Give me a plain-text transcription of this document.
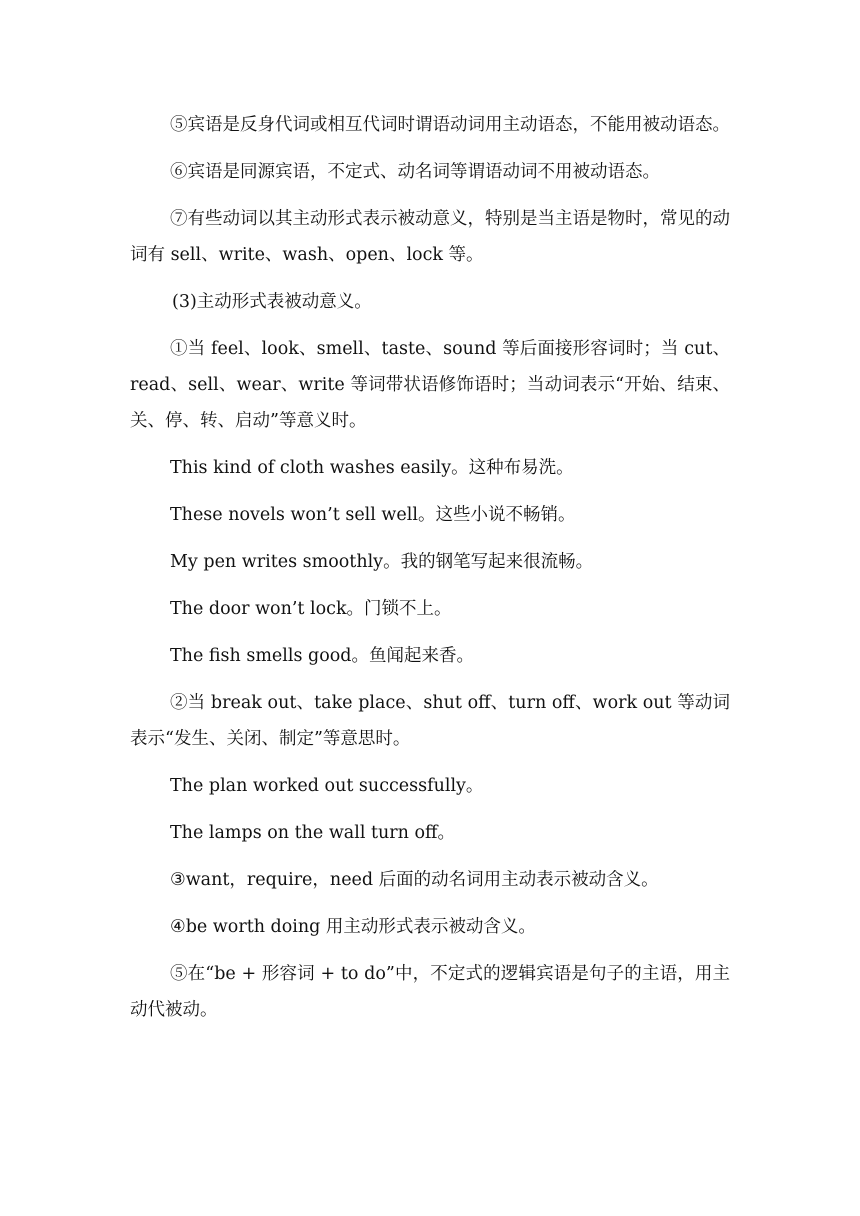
⑤宾语是反身代词或相互代词时谓语动词用主动语态，不能用被动语态。

⑥宾语是同源宾语，不定式、动名词等谓语动词不用被动语态。

⑦有些动词以其主动形式表示被动意义，特别是当主语是物时，常见的动词有 sell、write、wash、open、lock 等。

(3)主动形式表被动意义。

①当 feel、look、smell、taste、sound 等后面接形容词时；当 cut、read、sell、wear、write 等词带状语修饰语时；当动词表示“开始、结束、关、停、转、启动”等意义时。

This kind of cloth washes easily。这种布易洗。

These novels won’t sell well。这些小说不畅销。

My pen writes smoothly。我的钢笔写起来很流畅。

The door won’t lock。门锁不上。

The fish smells good。鱼闻起来香。

②当 break out、take place、shut off、turn off、work out 等动词表示“发生、关闭、制定”等意思时。

The plan worked out successfully。

The lamps on the wall turn off。

③want，require，need 后面的动名词用主动表示被动含义。

④be worth doing 用主动形式表示被动含义。

⑤在“be + 形容词 + to do”中，不定式的逻辑宾语是句子的主语，用主动代被动。
